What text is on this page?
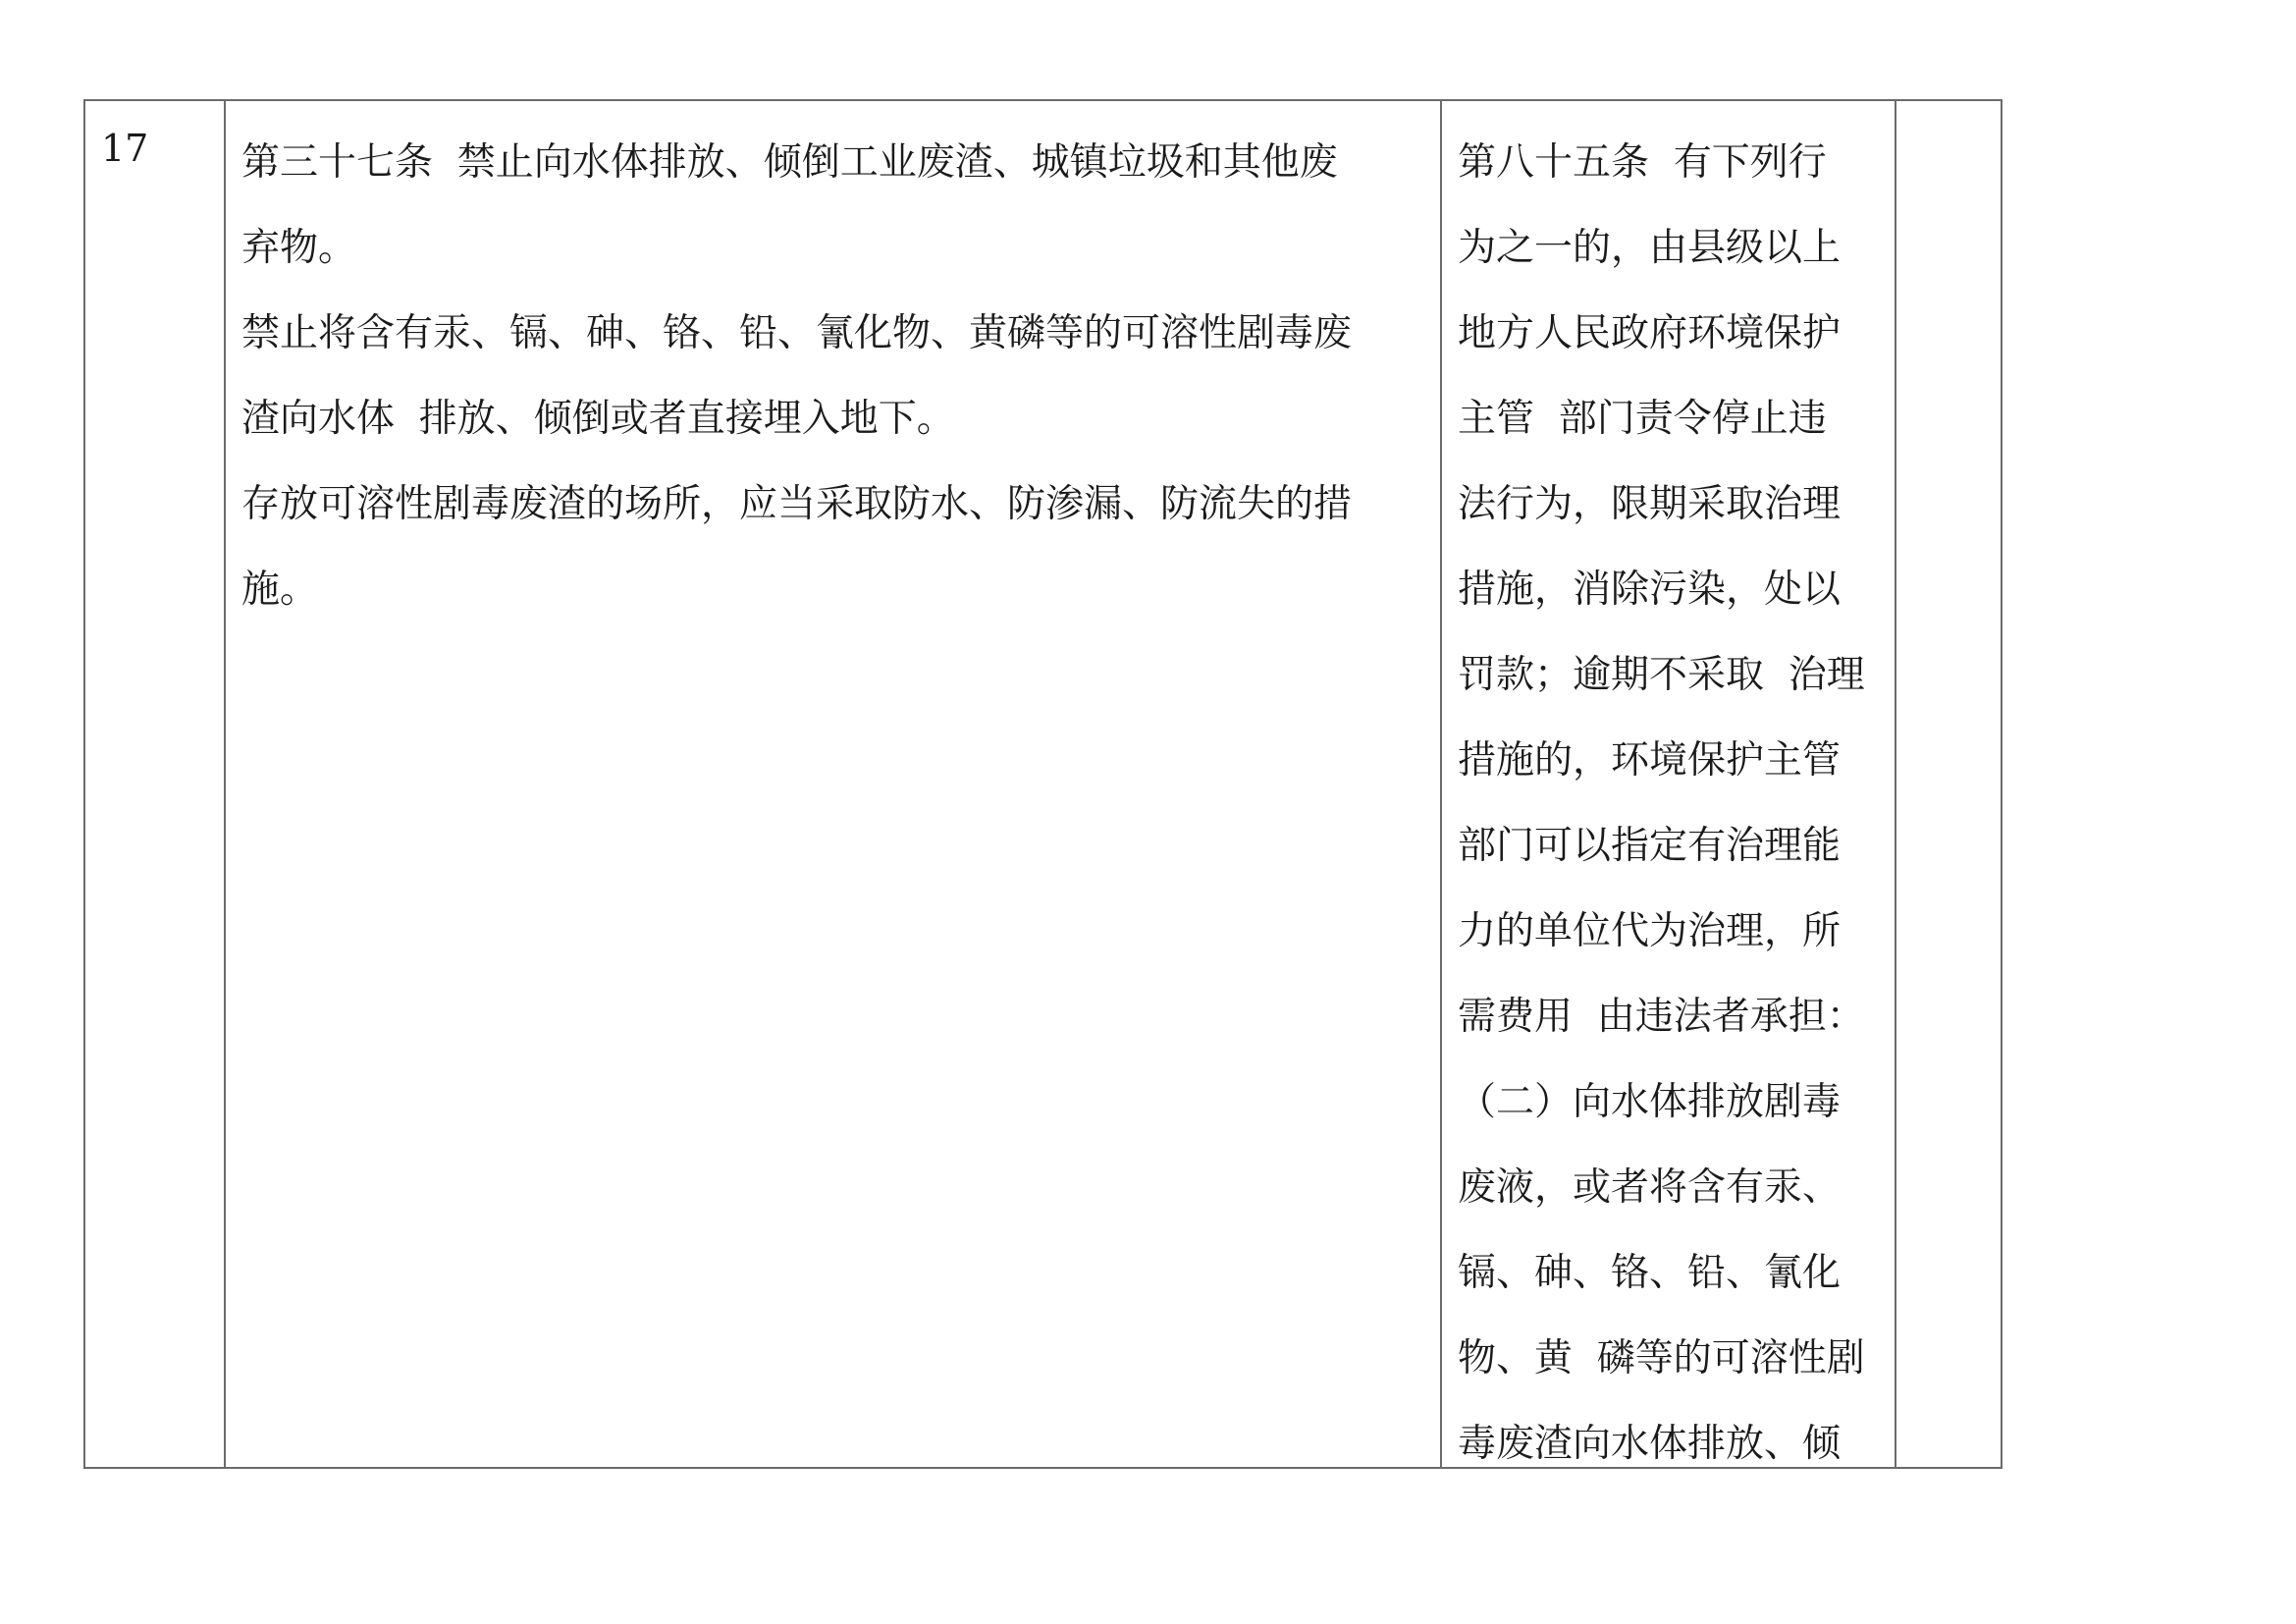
17 第三十七条  禁止向水体排放、倾倒工业废渣、城镇垃圾和其他废
弃物。
禁止将含有汞、镉、砷、铬、铅、氰化物、黄磷等的可溶性剧毒废
渣向水体  排放、倾倒或者直接埋入地下。
存放可溶性剧毒废渣的场所，应当采取防水、防渗漏、防流失的措
施。
第八十五条  有下列行
为之一的，由县级以上
地方人民政府环境保护
主管  部门责令停止违
法行为，限期采取治理
措施，消除污染，处以
罚款；逾期不采取  治理
措施的，环境保护主管
部门可以指定有治理能
力的单位代为治理，所
需费用  由违法者承担：
（二）向水体排放剧毒
废液，或者将含有汞、
镉、砷、铬、铅、氰化
物、黄  磷等的可溶性剧
毒废渣向水体排放、倾
